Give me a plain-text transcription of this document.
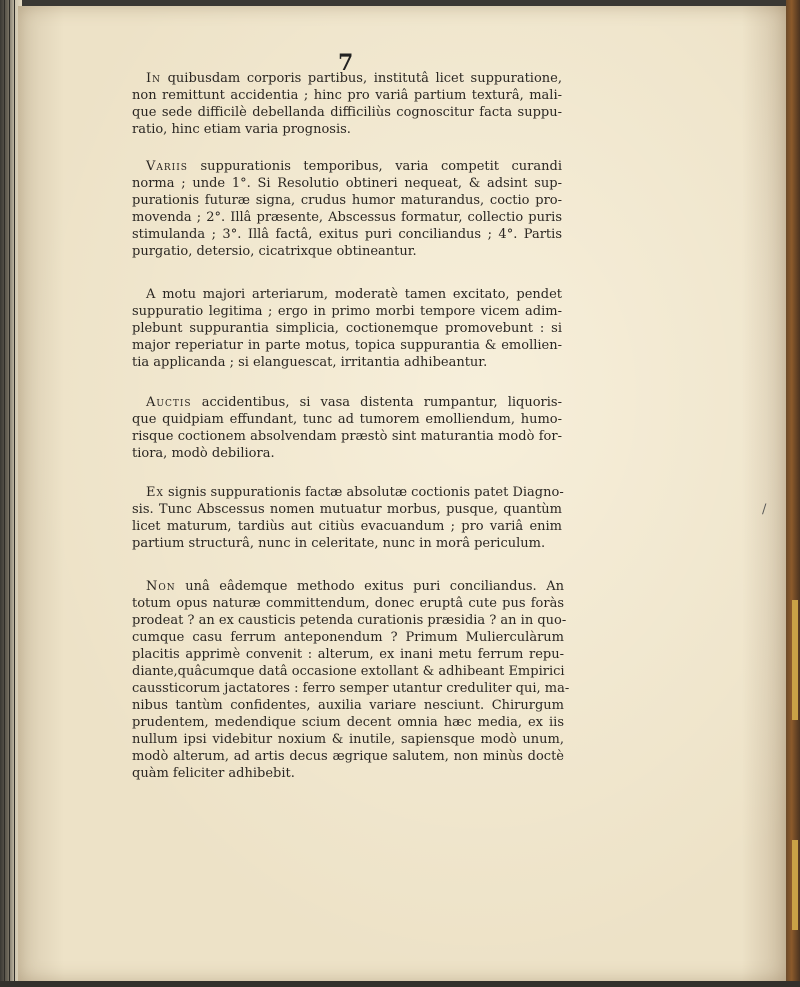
7
/
In quibusdam corporis partibus, institutâ licet suppuratione,
non remittunt accidentia ; hinc pro variâ partium texturâ, mali-
que sede difficilè debellanda difficiliùs cognoscitur facta suppu-
ratio, hinc etiam varia prognosis.
Variis suppurationis temporibus, varia competit curandi
norma ; unde 1°. Si Resolutio obtineri nequeat, & adsint sup-
purationis futuræ signa, crudus humor maturandus, coctio pro-
movenda ; 2°. Illâ præsente, Abscessus formatur, collectio puris
stimulanda ; 3°. Illâ factâ, exitus puri conciliandus ; 4°. Partis
purgatio, detersio, cicatrixque obtineantur.
A motu majori arteriarum, moderatè tamen excitato, pendet
suppuratio legitima ; ergo in primo morbi tempore vicem adim-
plebunt suppurantia simplicia, coctionemque promovebunt : si
major reperiatur in parte motus, topica suppurantia & emollien-
tia applicanda ; si elanguescat, irritantia adhibeantur.
Auctis accidentibus, si vasa distenta rumpantur, liquoris-
que quidpiam effundant, tunc ad tumorem emolliendum, humo-
risque coctionem absolvendam præstò sint maturantia modò for-
tiora, modò debiliora.
Ex signis suppurationis factæ absolutæ coctionis patet Diagno-
sis. Tunc Abscessus nomen mutuatur morbus, pusque, quantùm
licet maturum, tardiùs aut citiùs evacuandum ; pro variâ enim
partium structurâ, nunc in celeritate, nunc in morâ periculum.
Non unâ eâdemque methodo exitus puri conciliandus. An
totum opus naturæ committendum, donec eruptâ cute pus foràs
prodeat ? an ex causticis petenda curationis præsidia ? an in quo-
cumque casu ferrum anteponendum ? Primum Mulierculàrum
placitis apprimè convenit : alterum, ex inani metu ferrum repu-
diante,quâcumque datâ occasione extollant & adhibeant Empirici
caussticorum jactatores : ferro semper utantur creduliter qui, ma-
nibus tantùm confidentes, auxilia variare nesciunt. Chirurgum
prudentem, medendique scium decent omnia hæc media, ex iis
nullum ipsi videbitur noxium & inutile, sapiensque modò unum,
modò alterum, ad artis decus ægrique salutem, non minùs doctè
quàm feliciter adhibebit.
